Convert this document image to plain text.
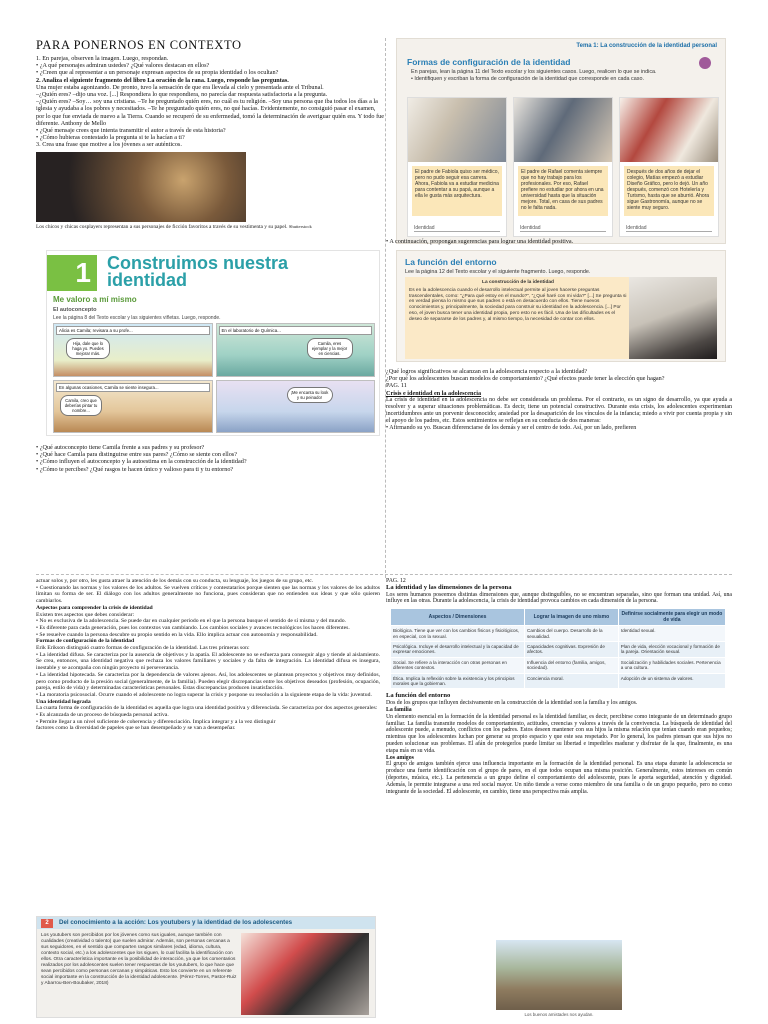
PARA PONERNOS EN CONTEXTO

1. En parejas, observen la imagen. Luego, respondan.

• ¿A qué personajes admiran ustedes? ¿Qué valores destacan en ellos?

• ¿Creen que al representar a un personaje expresan aspectos de su propia identidad o los ocultan?

2. Analiza el siguiente fragmento del libro La oración de la rana. Luego, responde las preguntas.

Una mujer estaba agonizando. De pronto, tuvo la sensación de que era llevada al cielo y presentada ante el Tribunal.

–¿Quién eres? –dijo una voz. [...] Respondiera lo que respondiera, no parecía dar respuesta satisfactoria a la pregunta.

–¿Quién eres? –Soy… soy una cristiana. –Te he preguntado quién eres, no cuál es tu religión. –Soy una persona que iba todos los días a la iglesia y ayudaba a los pobres y necesitados. –Te he preguntado quién eres, no qué hacías. Evidentemente, no consiguió pasar el examen, por lo que fue enviada de nuevo a la Tierra. Cuando se recuperó de su enfermedad, tomó la determinación de averiguar quién era. Y todo fue diferente. Anthony de Mello

• ¿Qué mensaje crees que intenta transmitir el autor a través de esta historia?

• ¿Cómo hubieras contestado la pregunta si te la hacían a ti?

3. Crea una frase que motive a los jóvenes a ser auténticos.

Los chicos y chicas cosplayers representan a sus personajes de ficción favoritos a través de su vestimenta y su papel. Shutterstock
Tema 1: La construcción de la identidad personal
Formas de configuración de la identidad
En parejas, lean la página 11 del Texto escolar y los siguientes casos. Luego, realicen lo que se indica.
• Identifiquen y escriban la forma de configuración de la identidad que corresponde en cada caso.
El padre de Fabiola quiso ser médico, pero no pudo seguir esa carrera. Ahora, Fabiola va a estudiar medicina para contentar a su papá, aunque a ella le gusta más arquitectura.
Identidad
El padre de Rafael comenta siempre que no hay trabajo para los profesionales. Por eso, Rafael prefiere no estudiar por ahora en una universidad hasta que la situación mejore. Total, en casa de sus padres no le falta nada.
Identidad
Después de dos años de dejar el colegio, Matías empezó a estudiar Diseño Gráfico, pero lo dejó. Un año después, comenzó con Hotelería y Turismo, hasta que se aburrió. Ahora sigue Gastronomía, aunque no se siente muy seguro.
Identidad
• A continuación, propongan sugerencias para lograr una identidad positiva.
1 Construimos nuestra identidad
Me valoro a mí mismo
El autoconcepto
Lee la página 8 del Texto escolar y las siguientes viñetas. Luego, responde.
Alicia es Camila; revisara a su profe...
Hija, dale que lo haga yo. Puedes mejorar más.
En el laboratorio de Química...
Camila, eres ejemplar y la mejor en ciencias.
En algunas ocasiones, Camila se siente insegura...
Camila, creo que deberías pintar tu nombre...
¡Me encanta su look y su peinado!
• ¿Qué autoconcepto tiene Camila frente a sus padres y su profesor?
• ¿Qué hace Camila para distinguirse entre sus pares? ¿Cómo se siente con ellos?
• ¿Cómo influyen el autoconcepto y la autoestima en la construcción de la identidad?
• ¿Cómo te percibes? ¿Qué rasgos te hacen único y valioso para ti y tu entorno?
La función del entorno
Lee la página 12 del Texto escolar y el siguiente fragmento. Luego, responde.
La construcción de la identidad
Es en la adolescencia cuando el desarrollo intelectual permite al joven hacerse preguntas trascendentales, como: "¿Para qué estoy en el mundo?", "¿Qué haré con mi vida?" [...] Se pregunta si en verdad piensa lo mismo que sus padres o está en desacuerdo con ellos. Tiene nuevos conocimientos y, principalmente, la sociedad para construir su identidad en la adolescencia. [...] Por eso, el joven busca tener una identidad propia, pero esto no es fácil. Una de las dificultades es el deseo de separarse de los padres y, al mismo tiempo, la necesidad de contar con ellos.
¿Qué logros significativos se alcanzan en la adolescencia respecto a la identidad?
¿Por qué los adolescentes buscan modelos de comportamiento? ¿Qué efectos puede tener la elección que hagan?
PAG. 11
Crisis e identidad en la adolescencia
La crisis de identidad en la adolescencia no debe ser considerada un problema. Por el contrario, es un signo de desarrollo, ya que ayuda a resolver y a superar situaciones problemáticas. Es decir, tiene un potencial constructivo. Durante esta crisis, los adolescentes experimentan incertidumbres ante un porvenir desconocido; ansiedad por la desaparición de los vínculos de la infancia; miedo a vivir por cuenta propia y sin el apoyo de los padres, etc. Estos sentimientos se reflejan en su conducta de dos maneras:
• Afirmando su yo. Buscan diferenciarse de los demás y ser el centro de todo. Así, por un lado, prefieren

actuar solos y, por otro, les gusta atraer la atención de los demás con su conducta, su lenguaje, los juegos de su grupo, etc.

• Cuestionando las normas y los valores de los adultos. Se vuelven críticos y contestatarios porque sienten que las normas y los valores de los adultos limitan su forma de ser. El diálogo con los adultos generalmente no funciona, pues consideran que no entienden sus ideas y que sólo quieren cambiarlos.

Aspectos para comprender la crisis de identidad

Existen tres aspectos que debes considerar:

• No es exclusiva de la adolescencia. Se puede dar en cualquier periodo en el que la persona busque el sentido de sí misma y del mundo.

• Es diferente para cada generación, pues los contextos van cambiando. Los cambios sociales y avances tecnológicos los hacen diferentes.

• Se resuelve cuando la persona descubre su propio sentido en la vida. Ello implica actuar con autonomía y responsabilidad.

Formas de configuración de la identidad

Erik Erikson distinguió cuatro formas de configuración de la identidad. Las tres primeras son:

• La identidad difusa. Se caracteriza por la ausencia de objetivos y la apatía. El adolescente no se esfuerza para conseguir algo y tiende al aislamiento. Se crea, entonces, una identidad negativa que rechaza los valores familiares y sociales y da falta de integración. La identidad difusa es insegura, inestable y se acompaña con ningún proyecto ni perseverancia.

• La identidad hipotecada. Se caracteriza por la dependencia de valores ajenos. Así, los adolescentes se plantean proyectos y objetivos muy definidos, pero como producto de la presión social (generalmente, de la familia). Pueden elegir discrepancias entre los objetivos deseados (profesión, ocupación, pareja, estilo de vida) y determinadas características personales. Estas discrepancias producen insatisfacción.

• La moratoria psicosocial. Ocurre cuando el adolescente no logra superar la crisis y pospone su resolución a la siguiente etapa de la vida: juventud.

Una identidad lograda

La cuarta forma de configuración de la identidad es aquella que logra una identidad positiva y diferenciada. Se caracteriza por dos aspectos generales:

• Es alcanzada de un proceso de búsqueda personal activa.

• Permite llegar a un nivel suficiente de coherencia y diferenciación. Implica integrar y a la vez distinguir

factores como la diversidad de papeles que se han desempeñado y se van a desempeñar.

2	Del conocimiento a la acción: Los youtubers y la identidad de los adolescentes
Los youtubers son percibidos por los jóvenes como sus iguales, aunque también con cualidades (creatividad o talento) que suelen admirar. Además, son personas cercanas a sus seguidores, en el sentido que comparten rasgos similares (edad, idioma, cultura, contexto social, etc.) a los adolescentes que los siguen, lo cual facilita la identificación con ellos. Otra característica importante es la posibilidad de interacción, ya que los comentarios realizados por los adolescentes suelen tener respuestas de los youtubers, lo que hace que sean percibidos como personas cercanas y simpáticas. Esto los convierte en un referente social importante en la construcción de la identidad adolescente. (Pérez-Torres, Pastor-Ruiz y Abarrou-Ben-Boubaker, 2018)

PAG. 12

La identidad y las dimensiones de la persona

Los seres humanos poseemos distintas dimensiones que, aunque distinguibles, no se encuentran separadas, sino que forman una unidad. Así, una influye en las otras. Durante la adolescencia, la crisis de identidad provoca cambios en cada dimensión de la persona.

Aspectos / Dimensiones	Lograr la imagen de uno mismo	Definirse socialmente para elegir un modo de vida
Biológica. Tiene que ver con los cambios físicos y fisiológicos, en especial, con la sexual.	Cambios del cuerpo. Desarrollo de la sexualidad.	Identidad sexual.
Psicológica. Incluye el desarrollo intelectual y la capacidad de expresar emociones.	Capacidades cognitivas. Expresión de afectos.	Plan de vida, elección vocacional y formación de la pareja. Orientación sexual.
Social. Se refiere a la interacción con otras personas en diferentes contextos.	Influencia del entorno (familia, amigos, sociedad).	Socialización y habilidades sociales. Pertenencia a una cultura.
Ética. Implica la reflexión sobre la existencia y los principios morales que la gobiernan.	Conciencia moral.	Adopción de un sistema de valores.

La función del entorno

Dos de los grupos que influyen decisivamente en la construcción de la identidad son la familia y los amigos.

La familia

Un elemento esencial en la formación de la identidad personal es la identidad familiar, es decir, percibirse como integrante de un determinado grupo familiar. La familia transmite modelos de comportamiento, actitudes, creencias y valores a través de la convivencia. La búsqueda de identidad del adolescente puede, a menudo, conflictos con los padres. Estos deseen mantener con sus hijos la misma relación que tenían cuando eran pequeños; mientras que los adolescentes luchan por generar su propio espacio y que este sea respetado. Por lo general, los padres piensan que sus hijos no pueden solucionar sus problemas. El afán de protegerlos puede limitar su libertad e impedirles madurar y disfrutar de la que, finalmente, es una etapa más en su vida.

Los amigos

El grupo de amigos también ejerce una influencia importante en la formación de la identidad personal. Es una etapa durante la adolescencia se produce una fuerte identificación con el grupo de pares, en el que todos ocupan una misma posición. Generalmente, estos intereses en común (deportes, música, etc.). La pertenencia a un grupo define el comportamiento del adolescente, pues le aporta seguridad, atención y dignidad. Además, le permite integrarse a una red social mayor. Un niño tiende a verse como miembro de una familia o de un grupo pequeño, pero no como integrante de la sociedad. El adolescente, en cambio, tiene una perspectiva más amplia.

Los buenos amistades nos ayudan.
